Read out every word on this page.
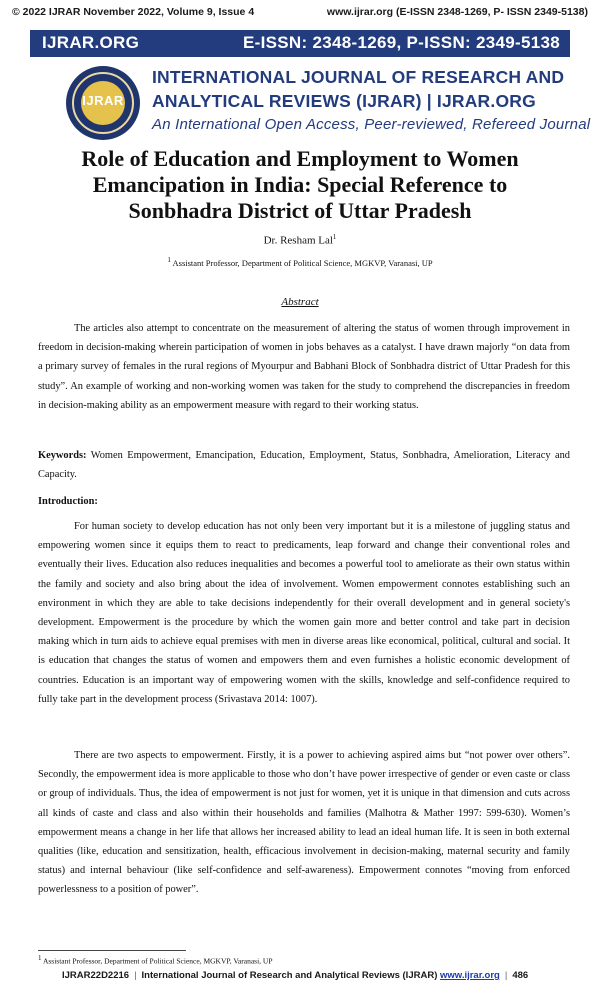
© 2022 IJRAR November 2022, Volume 9, Issue 4	www.ijrar.org (E-ISSN 2348-1269, P- ISSN 2349-5138)
IJRAR.ORG	E-ISSN: 2348-1269, P-ISSN: 2349-5138
IJRAR
INTERNATIONAL JOURNAL OF RESEARCH AND
ANALYTICAL REVIEWS (IJRAR) | IJRAR.ORG
An International Open Access, Peer-reviewed, Refereed Journal
Role of Education and Employment to Women Emancipation in India: Special Reference to Sonbhadra District of Uttar Pradesh
Dr. Resham Lal$^1$
$^1$ Assistant Professor, Department of Political Science, MGKVP, Varanasi, UP
Abstract

The articles also attempt to concentrate on the measurement of altering the status of women through improvement in freedom in decision-making wherein participation of women in jobs behaves as a catalyst. I have drawn majorly “on data from a primary survey of females in the rural regions of Myourpur and Babhani Block of Sonbhadra district of Uttar Pradesh for this study”. An example of working and non-working women was taken for the study to comprehend the discrepancies in freedom in decision-making ability as an empowerment measure with regard to their working status.

Keywords: Women Empowerment, Emancipation, Education, Employment, Status, Sonbhadra, Amelioration, Literacy and Capacity.

Introduction:

For human society to develop education has not only been very important but it is a milestone of juggling status and empowering women since it equips them to react to predicaments, leap forward and change their conventional roles and eventually their lives. Education also reduces inequalities and becomes a powerful tool to ameliorate as their own status within the family and society and also bring about the idea of involvement. Women empowerment connotes establishing such an environment in which they are able to take decisions independently for their overall development and in general society's development. Empowerment is the procedure by which the women gain more and better control and take part in decision making which in turn aids to achieve equal premises with men in diverse areas like economical, political, cultural and social. It is education that changes the status of women and empowers them and even furnishes a holistic economic development of countries. Education is an important way of empowering women with the skills, knowledge and self-confidence required to fully take part in the development process (Srivastava 2014: 1007).

There are two aspects to empowerment. Firstly, it is a power to achieving aspired aims but “not power over others”. Secondly, the empowerment idea is more applicable to those who don’t have power irrespective of gender or even caste or class or group of individuals. Thus, the idea of empowerment is not just for women, yet it is unique in that dimension and cuts across all kinds of caste and class and also within their households and families (Malhotra & Mather 1997: 599-630). Women’s empowerment means a change in her life that allows her increased ability to lead an ideal human life. It is seen in both external qualities (like, education and sensitization, health, efficacious involvement in decision-making, maternal security and family status) and internal behaviour (like self-confidence and self-awareness). Empowerment connotes “moving from enforced powerlessness to a position of power”.

$^1$ Assistant Professor, Department of Political Science, MGKVP, Varanasi, UP
IJRAR22D2216 | International Journal of Research and Analytical Reviews (IJRAR) www.ijrar.org | 486
